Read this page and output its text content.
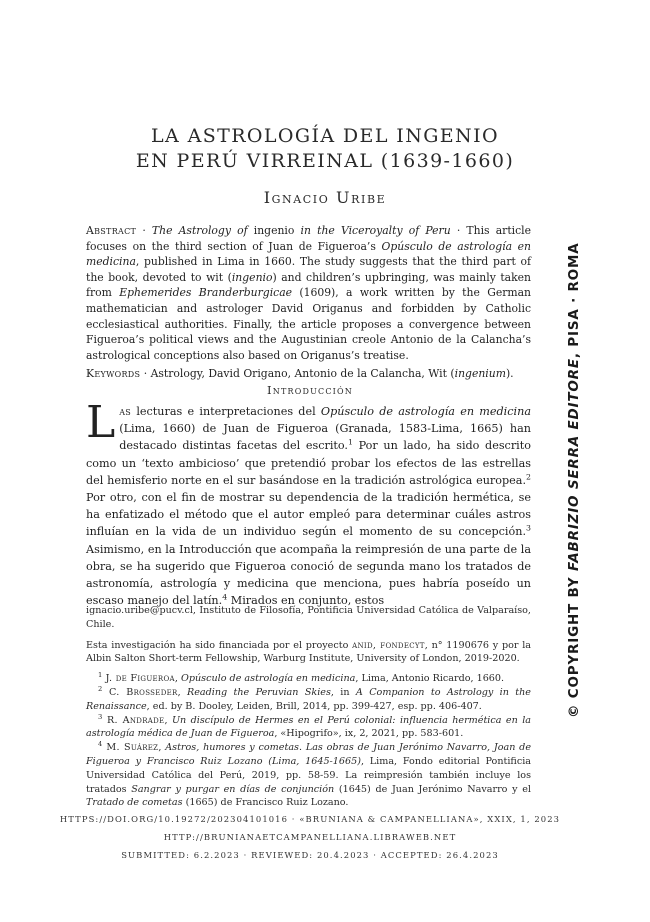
LA ASTROLOGÍA DEL INGENIO
EN PERÚ VIRREINAL (1639-1660)
Ignacio Uribe

Abstract · The Astrology of ingenio in the Viceroyalty of Peru · This article focuses on the third section of Juan de Figueroa’s Opúsculo de astrología en medicina, published in Lima in 1660. The study suggests that the third part of the book, devoted to wit (ingenio) and children’s upbringing, was mainly taken from Ephemerides Branderburgicae (1609), a work written by the German mathematician and astrologer David Origanus and forbidden by Catholic ecclesiastical authorities. Finally, the article proposes a convergence between Figueroa’s political views and the Augustinian creole Antonio de la Calancha’s astrological conceptions also based on Origanus’s treatise.

Keywords · Astrology, David Origano, Antonio de la Calancha, Wit (ingenium).

Introducción

Las lecturas e interpretaciones del Opúsculo de astrología en medicina (Lima, 1660) de Juan de Figueroa (Granada, 1583-Lima, 1665) han destacado distintas facetas del escrito.$^1$ Por un lado, ha sido descrito como un ‘texto ambicioso’ que pretendió probar los efectos de las estrellas del hemisferio norte en el sur basándose en la tradición astrológica europea.$^2$ Por otro, con el fin de mostrar su dependencia de la tradición hermética, se ha enfatizado el método que el autor empleó para determinar cuáles astros influían en la vida de un individuo según el momento de su concepción.$^3$ Asimismo, en la Introducción que acompaña la reimpresión de una parte de la obra, se ha sugerido que Figueroa conoció de segunda mano los tratados de astronomía, astrología y medicina que menciona, pues habría poseído un escaso manejo del latín.$^4$ Mirados en conjunto, estos

ignacio.uribe@pucv.cl, Instituto de Filosofía, Pontificia Universidad Católica de Valparaíso, Chile.

Esta investigación ha sido financiada por el proyecto anid, fondecyt, n° 1190676 y por la Albin Salton Short-term Fellowship, Warburg Institute, University of London, 2019-2020.

$^1$ J. de Figueroa, Opúsculo de astrología en medicina, Lima, Antonio Ricardo, 1660.

$^2$ C. Brosseder, Reading the Peruvian Skies, in A Companion to Astrology in the Renaissance, ed. by B. Dooley, Leiden, Brill, 2014, pp. 399-427, esp. pp. 406-407.

$^3$ R. Andrade, Un discípulo de Hermes en el Perú colonial: influencia hermética en la astrología médica de Juan de Figueroa, «Hipogrifo», ix, 2, 2021, pp. 583-601.

$^4$ M. Suárez, Astros, humores y cometas. Las obras de Juan Jerónimo Navarro, Joan de Figueroa y Francisco Ruiz Lozano (Lima, 1645-1665), Lima, Fondo editorial Pontificia Universidad Católica del Perú, 2019, pp. 58-59. La reimpresión también incluye los tratados Sangrar y purgar en días de conjunción (1645) de Juan Jerónimo Navarro y el Tratado de cometas (1665) de Francisco Ruiz Lozano.

HTTPS://DOI.ORG/10.19272/202304101016 · «BRUNIANA & CAMPANELLIANA», XXIX, 1, 2023
HTTP://BRUNIANAETCAMPANELLIANA.LIBRAWEB.NET
SUBMITTED: 6.2.2023 · REVIEWED: 20.4.2023 · ACCEPTED: 26.4.2023
© COPYRIGHT BY FABRIZIO SERRA EDITORE, PISA · ROMA
